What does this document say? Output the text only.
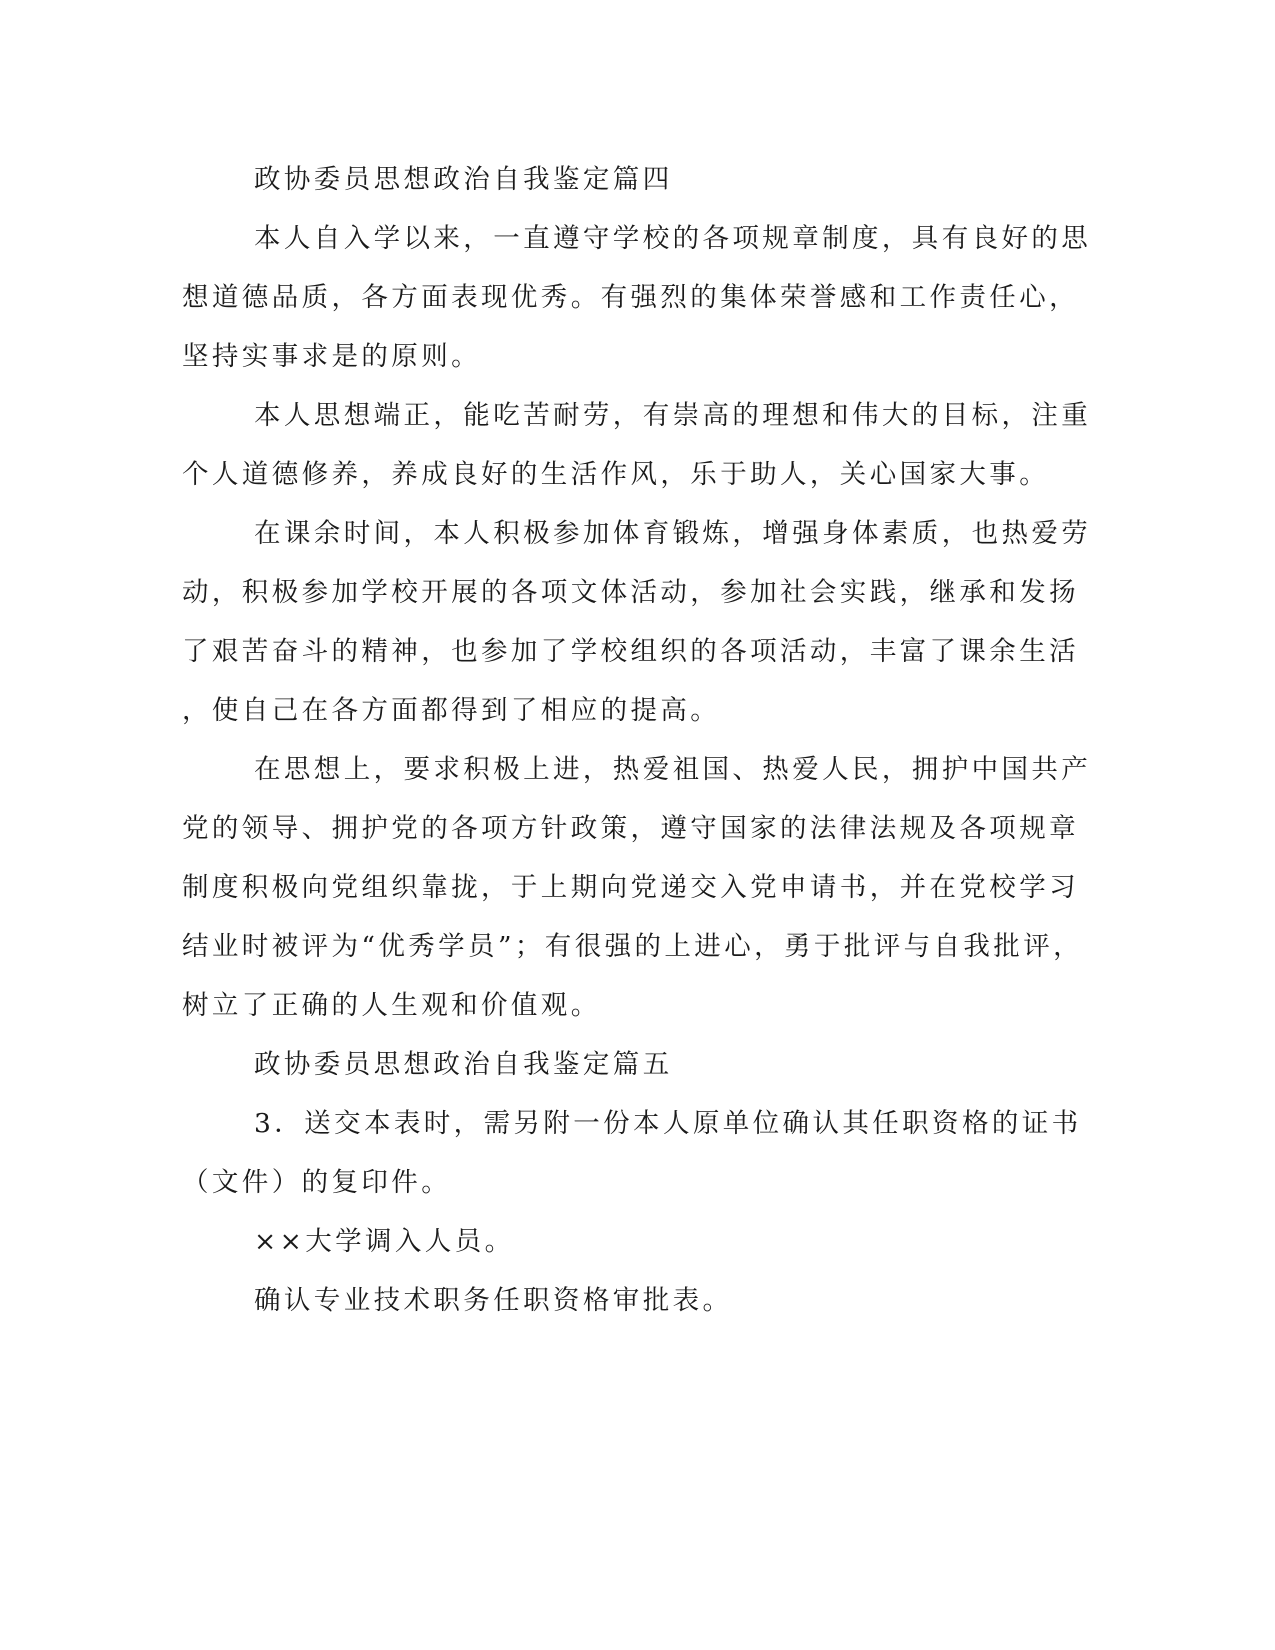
政协委员思想政治自我鉴定篇四

本人自入学以来，一直遵守学校的各项规章制度，具有良好的思

想道德品质，各方面表现优秀。有强烈的集体荣誉感和工作责任心，

坚持实事求是的原则。

本人思想端正，能吃苦耐劳，有崇高的理想和伟大的目标，注重

个人道德修养，养成良好的生活作风，乐于助人，关心国家大事。

在课余时间，本人积极参加体育锻炼，增强身体素质，也热爱劳

动，积极参加学校开展的各项文体活动，参加社会实践，继承和发扬

了艰苦奋斗的精神，也参加了学校组织的各项活动，丰富了课余生活

，使自己在各方面都得到了相应的提高。

在思想上，要求积极上进，热爱祖国、热爱人民，拥护中国共产

党的领导、拥护党的各项方针政策，遵守国家的法律法规及各项规章

制度积极向党组织靠拢，于上期向党递交入党申请书，并在党校学习

结业时被评为“优秀学员”；有很强的上进心，勇于批评与自我批评，

树立了正确的人生观和价值观。

政协委员思想政治自我鉴定篇五

3．送交本表时，需另附一份本人原单位确认其任职资格的证书

（文件）的复印件。

××大学调入人员。

确认专业技术职务任职资格审批表。
